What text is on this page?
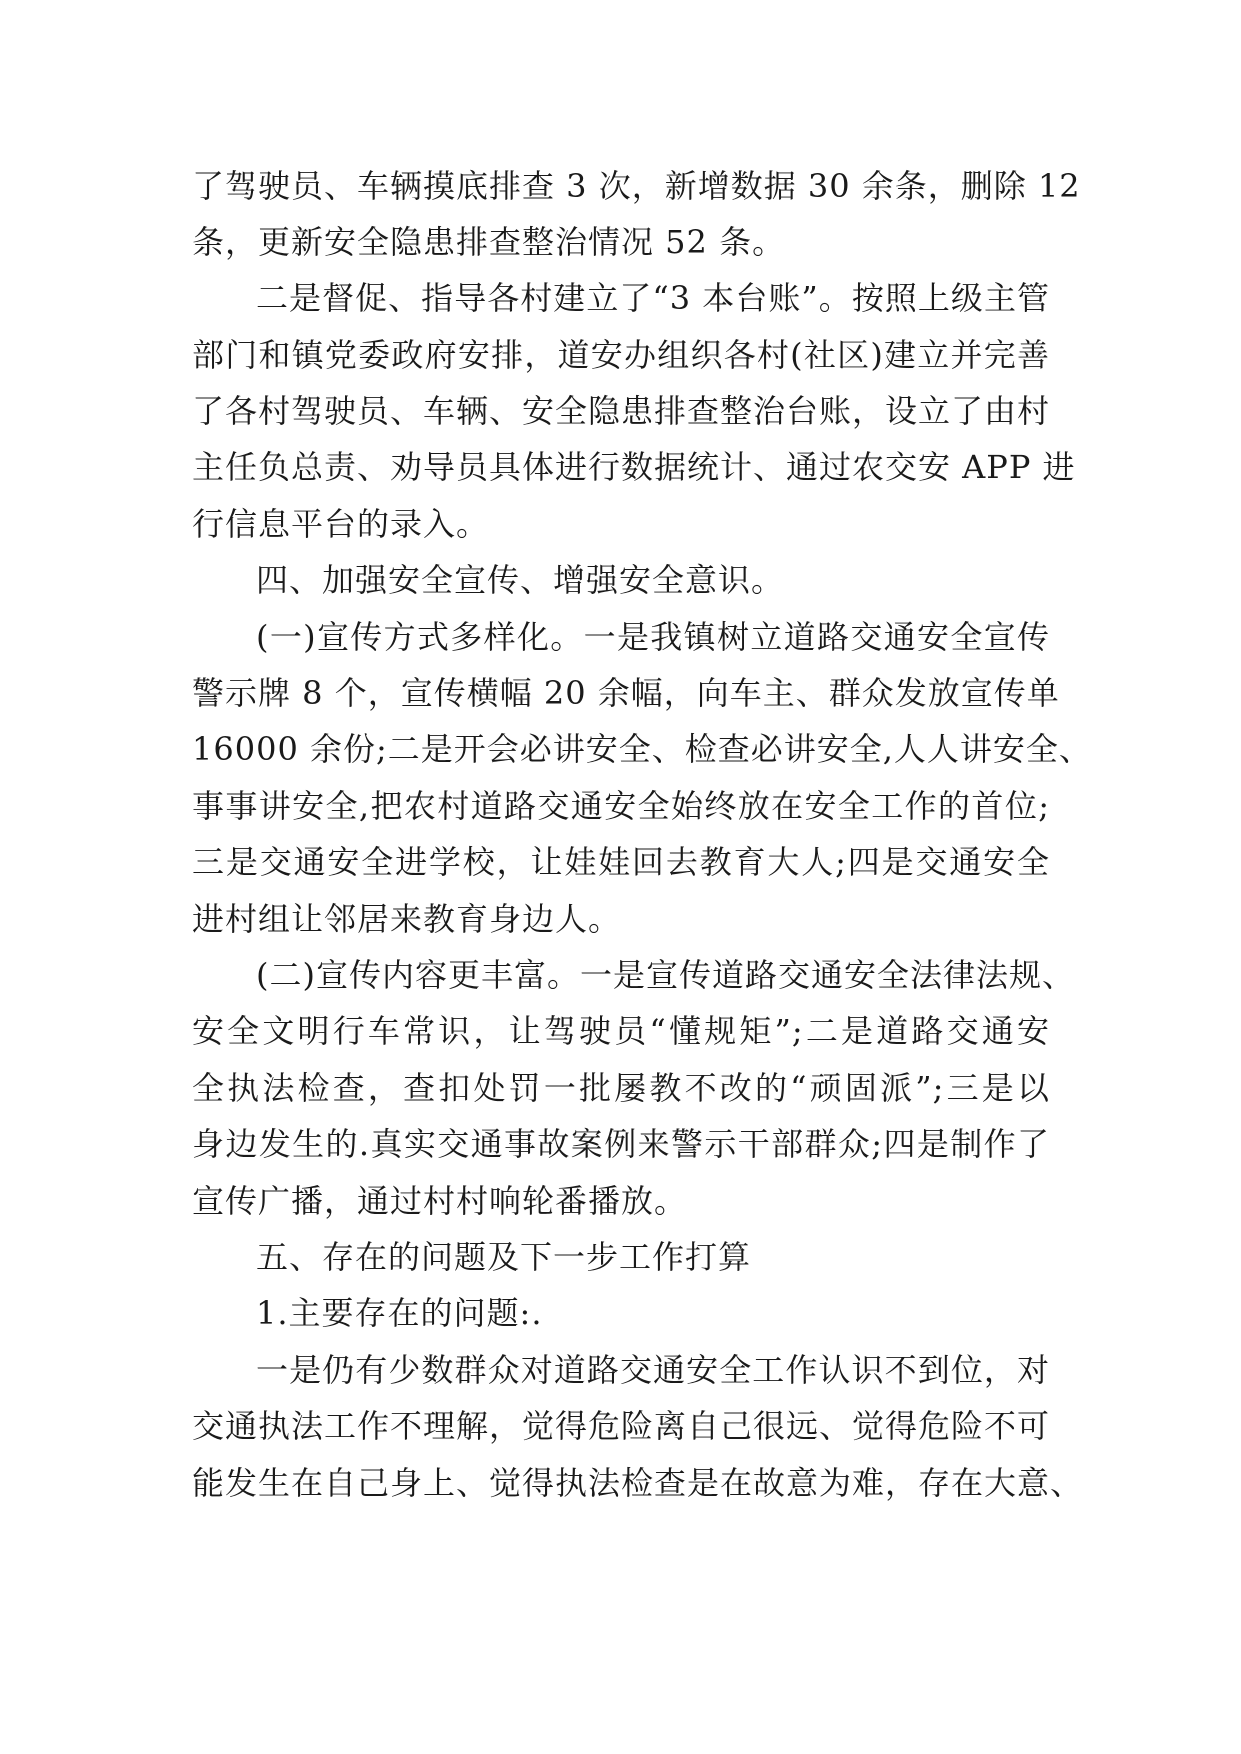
了驾驶员、车辆摸底排查 3 次，新增数据 30 余条，删除 12
条，更新安全隐患排查整治情况 52 条。
二是督促、指导各村建立了“3 本台账”。按照上级主管
部门和镇党委政府安排，道安办组织各村(社区)建立并完善
了各村驾驶员、车辆、安全隐患排查整治台账，设立了由村
主任负总责、劝导员具体进行数据统计、通过农交安 APP 进
行信息平台的录入。
四、加强安全宣传、增强安全意识。
(一)宣传方式多样化。一是我镇树立道路交通安全宣传
警示牌 8 个，宣传横幅 20 余幅，向车主、群众发放宣传单
16000 余份;二是开会必讲安全、检查必讲安全,人人讲安全、
事事讲安全,把农村道路交通安全始终放在安全工作的首位;
三是交通安全进学校，让娃娃回去教育大人;四是交通安全
进村组让邻居来教育身边人。
(二)宣传内容更丰富。一是宣传道路交通安全法律法规、
安全文明行车常识，让驾驶员“懂规矩”;二是道路交通安
全执法检查，查扣处罚一批屡教不改的“顽固派”;三是以
身边发生的.真实交通事故案例来警示干部群众;四是制作了
宣传广播，通过村村响轮番播放。
五、存在的问题及下一步工作打算
1.主要存在的问题:.
一是仍有少数群众对道路交通安全工作认识不到位，对
交通执法工作不理解，觉得危险离自己很远、觉得危险不可
能发生在自己身上、觉得执法检查是在故意为难，存在大意、
